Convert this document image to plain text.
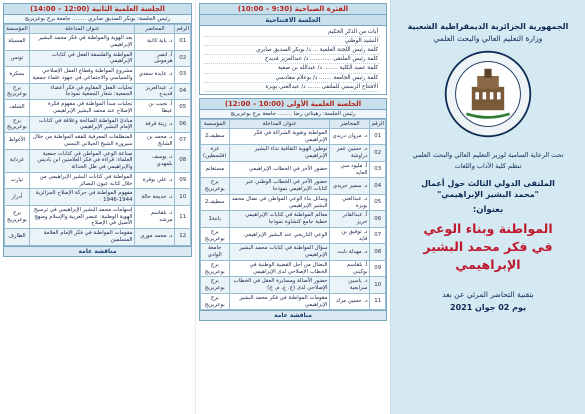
الجلسة العلمية الثانية (12:00 – 14:00)
رئيس الجلسة: بوبكر الصديق صابري ........ جامعة برج بوعريريج
الرقم	المحاضر	عنوان المداخلة	المؤسسة
01	د. بابة كاتبة	بعد الهوية والمواطنة في فكر محمد البشير الإبراهيمي	المسيلة
02	أ. انصر هرموش	المواطنة والفلسفة الفعل في كتابات الإبراهيمي	تونس
03	د. عايدة سعدي	مشروع المواطنة وقطاع العمل الإصلاحي والسياسي والاجتماعي في جهود علماء جمعية	بسكرة
04	د. عبدالعزيز قديدح	تجليات الفعل المقاوم في فكر أعضاء الجمعية: شعار الجمعية نموذجا	برج بوعريريج
05	أ. نجيب بن عيطا	تجليات مبدأ المواطنة في مفهوم فكرة الإصلاح عند محمد البشير الإبراهيمي	الشلف
06	د. زينة قرفة	مبادئ المواطنة الصالحة وعلاقة في كتابات الإمام البشير الإبراهيمي	برج بوعريريج
07	د. محمد بن الشايخ	المنطلقات المعرفية للفقه المواطنة من خلال سيرورة الشيخ الجيلاني التبسي	الأغواط
08	د. يوسف بلمهدي	صناعة الوعي المواطن في كتابات جمعية العلماء: قراءة في فكر العلامتين ابن باديس والإبراهيمي في ظل الحداثة	غرداية
09	د. علي بوقرة	المواطنة في كتابات البشير الإبراهيمي من خلال كتابه عيون البصائر	تيارت
10	د. خديجة حالة	مفهوم المواطنة في حركة الإصلاح الجزائرية 1944-1946	أدرار
11	د. بلقاسم مرشد	إسهامات محمد البشير الإبراهيمي في ترسيخ الهوية الوطنية: عنصر العربية والإسلام ومنهج الأصيل في الإصلاح	برج بوعريريج
12	د. محمد موري	مقومات المواطنة في فكر الإمام العلامة المسلمين	الطارف
مناقشة عامة
الفترة الصباحية (9:30 – 10:00)
الجلسة الافتتاحية
آيات من الذكر الحكيم
النشيد الوطني
كلمة رئيس اللجنة العلمية ... د/ بوبكر الصديق صابري
كلمة رئيس الملتقى ............ د/ عبدالعزيز قديدح
كلمة عميد الكلية ........ د/ عبدالله بن صفية
كلمة رئيس الجامعة ....... د/ بوعلام مقادسي
الافتتاح الرسمي للملتقى ....... د/ عبدالغني بوبزة
الجلسة العلمية الأولى (10:00 – 12:00)
رئيس الجلسة: رهيناتي رضا ........ جامعة برج بوعريريج
الرقم	المحاضر	عنوان المداخلة	المؤسسة
01	د. مروان دريدي	المواطنة وتقوية الشراكة في فكر الإبراهيمي	سطيف2
02	د. حسين عمر دراوشة	توطين الهوية الثقافية نداء البشير الإبراهيمي	غزة (فلسطين)
03	أ. مليود سي العايد	حضور الآخر في الخطاب الإبراهيمي	مستغانم
04	د. سمير جريدي	حضور الآخر في الخطاب الوطني عبر كتابات الإبراهيمي نموذجا	برج بوعريريج
05	د. عبدالغني بوبزة	وسائل بناء الوعي المواطن في نضال محمد البشير الإبراهيمي	سطيف2
06	أ. عبدالقادر خريز	معالم المواطنة في كتابات الإبراهيمي خطبة جامع كتشاوة نموذجا	باتنة1
07	د. توفيق بن فايد	الوعي التاريخي عند البشير الإبراهيمي	برج بوعريريج
08	د. مهدلة نابت	سؤال المواطنة في كتابات محمد البشير الإبراهيمي	جامعة الوادي
09	أ. بلقاسم بوكيني	النضال من أجل القضية الوطنية في الخطاب الإصلاحي لدى الإبراهيمي	برج بوعريريج
10	د. ياسين سرايعية	حضور الأصالة ومسايرة العقل في الخطاب الإصلاحي لدى (ج. ع. م. ج)	برج بوعريريج
11	د. حسين مرك	مقومات المواطنة في فكر محمد البشير الإبراهيمي	برج بوعريريج
مناقشة عامة
الجمهورية الجزائرية الديمقراطية الشعبية
وزارة التعليم العالي والبحث العلمي
تحت الرعاية السامية لوزير التعليم العالي والبحث العلمي
تنظم كلية الآداب واللغات
الملتقى الدولي الثالث حول أعمال
"محمد البشير الإبراهيمي"
بعنوان:
المواطنة وبناء الوعي
في فكر محمد البشير الإبراهيمي
بتقنية التحاضر المرئي عن بعد
يوم 02 جوان 2021
